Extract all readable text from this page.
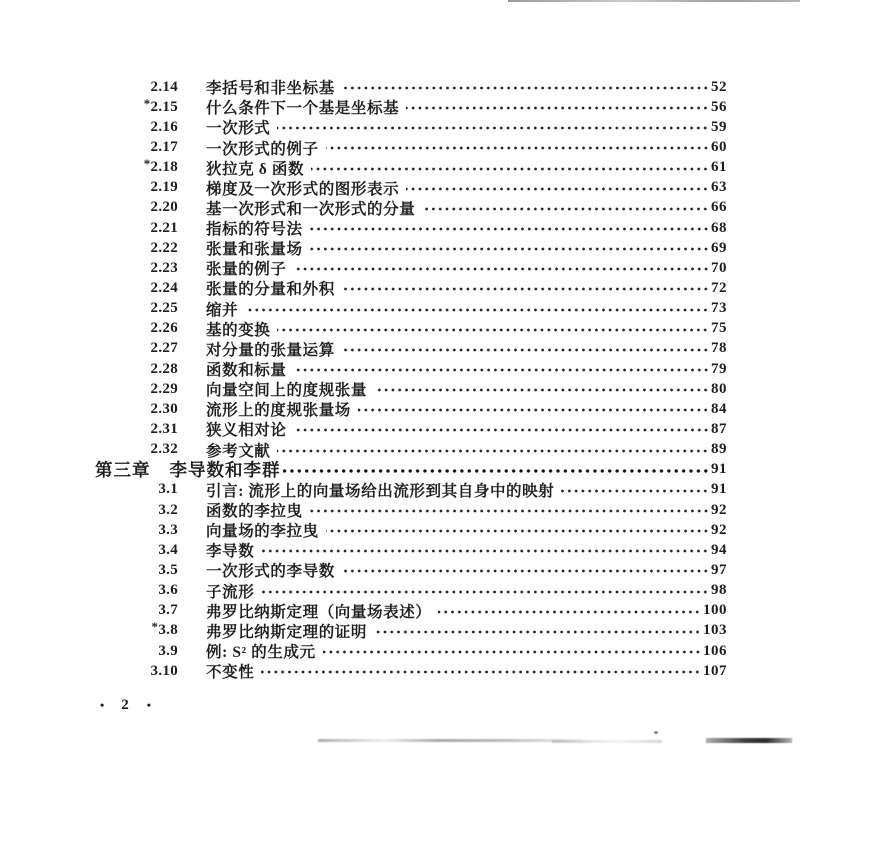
2.14 李括号和非坐标基	52
*2.15 什么条件下一个基是坐标基	56
2.16 一次形式	59
2.17 一次形式的例子	60
*2.18 狄拉克 δ 函数	61
2.19 梯度及一次形式的图形表示	63
2.20 基一次形式和一次形式的分量	66
2.21 指标的符号法	68
2.22 张量和张量场	69
2.23 张量的例子	70
2.24 张量的分量和外积	72
2.25 缩并	73
2.26 基的变换	75
2.27 对分量的张量运算	78
2.28 函数和标量	79
2.29 向量空间上的度规张量	80
2.30 流形上的度规张量场	84
2.31 狭义相对论	87
2.32 参考文献	89
第三章 李导数和李群	91
3.1 引言: 流形上的向量场给出流形到其自身中的映射	91
3.2 函数的李拉曳	92
3.3 向量场的李拉曳	92
3.4 李导数	94
3.5 一次形式的李导数	97
3.6 子流形	98
3.7 弗罗比纳斯定理（向量场表述）	100
*3.8 弗罗比纳斯定理的证明	103
3.9 例: S² 的生成元	106
3.10 不变性	107
• 2 •
